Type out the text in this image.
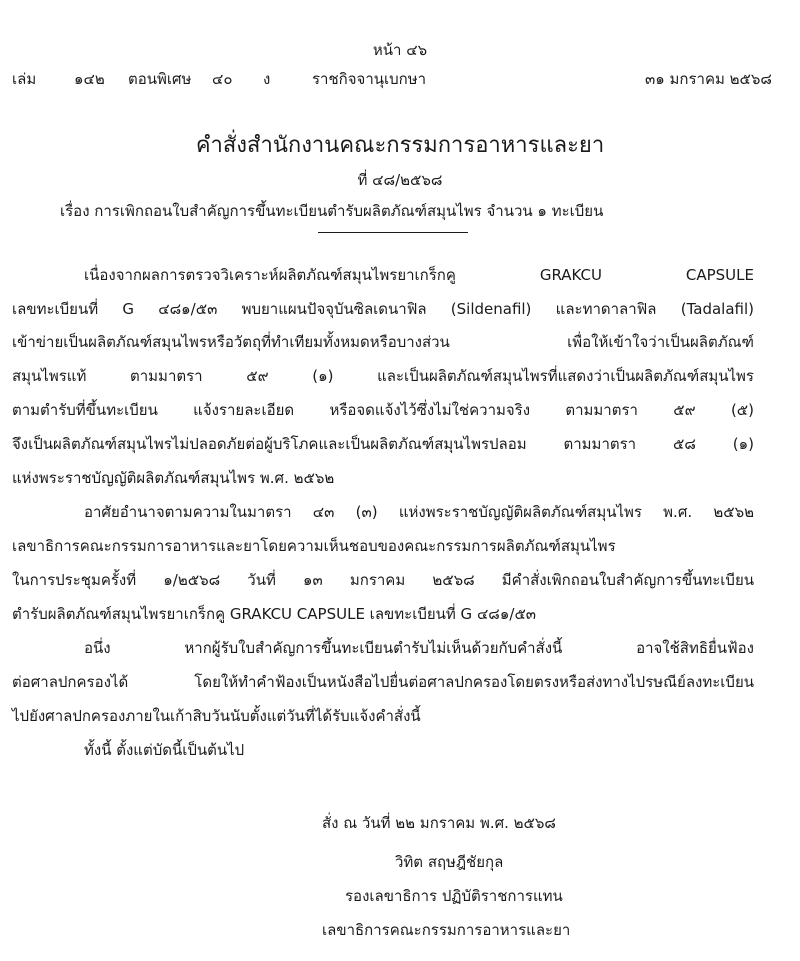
หน้า ๔๖
เล่ม	๑๔๒ ตอนพิเศษ ๔๐ ง	ราชกิจจานุเบกษา	๓๑ มกราคม ๒๕๖๘
คำสั่งสำนักงานคณะกรรมการอาหารและยา
ที่ ๔๘/๒๕๖๘
เรื่อง การเพิกถอนใบสำคัญการขึ้นทะเบียนตำรับผลิตภัณฑ์สมุนไพร จำนวน ๑ ทะเบียน
เนื่องจากผลการตรวจวิเคราะห์ผลิตภัณฑ์สมุนไพรยาเกร็กคู GRAKCU CAPSULE
เลขทะเบียนที่ G ๔๘๑/๕๓ พบยาแผนปัจจุบันซิลเดนาฟิล (Sildenafil) และทาดาลาฟิล (Tadalafil)
เข้าข่ายเป็นผลิตภัณฑ์สมุนไพรหรือวัตถุที่ทำเทียมทั้งหมดหรือบางส่วน เพื่อให้เข้าใจว่าเป็นผลิตภัณฑ์
สมุนไพรแท้ ตามมาตรา ๕๙ (๑) และเป็นผลิตภัณฑ์สมุนไพรที่แสดงว่าเป็นผลิตภัณฑ์สมุนไพร
ตามตำรับที่ขึ้นทะเบียน แจ้งรายละเอียด หรือจดแจ้งไว้ซึ่งไม่ใช่ความจริง ตามมาตรา ๕๙ (๕)
จึงเป็นผลิตภัณฑ์สมุนไพรไม่ปลอดภัยต่อผู้บริโภคและเป็นผลิตภัณฑ์สมุนไพรปลอม ตามมาตรา ๕๘ (๑)
แห่งพระราชบัญญัติผลิตภัณฑ์สมุนไพร พ.ศ. ๒๕๖๒
อาศัยอำนาจตามความในมาตรา ๔๓ (๓) แห่งพระราชบัญญัติผลิตภัณฑ์สมุนไพร พ.ศ. ๒๕๖๒
เลขาธิการคณะกรรมการอาหารและยาโดยความเห็นชอบของคณะกรรมการผลิตภัณฑ์สมุนไพร
ในการประชุมครั้งที่ ๑/๒๕๖๘ วันที่ ๑๓ มกราคม ๒๕๖๘ มีคำสั่งเพิกถอนใบสำคัญการขึ้นทะเบียน
ตำรับผลิตภัณฑ์สมุนไพรยาเกร็กคู GRAKCU CAPSULE เลขทะเบียนที่ G ๔๘๑/๕๓
อนึ่ง หากผู้รับใบสำคัญการขึ้นทะเบียนตำรับไม่เห็นด้วยกับคำสั่งนี้ อาจใช้สิทธิยื่นฟ้อง
ต่อศาลปกครองได้ โดยให้ทำคำฟ้องเป็นหนังสือไปยื่นต่อศาลปกครองโดยตรงหรือส่งทางไปรษณีย์ลงทะเบียน
ไปยังศาลปกครองภายในเก้าสิบวันนับตั้งแต่วันที่ได้รับแจ้งคำสั่งนี้
ทั้งนี้ ตั้งแต่บัดนี้เป็นต้นไป
สั่ง ณ วันที่ ๒๒ มกราคม พ.ศ. ๒๕๖๘
วิทิต สฤษฎีชัยกุล
รองเลขาธิการ ปฏิบัติราชการแทน
เลขาธิการคณะกรรมการอาหารและยา
